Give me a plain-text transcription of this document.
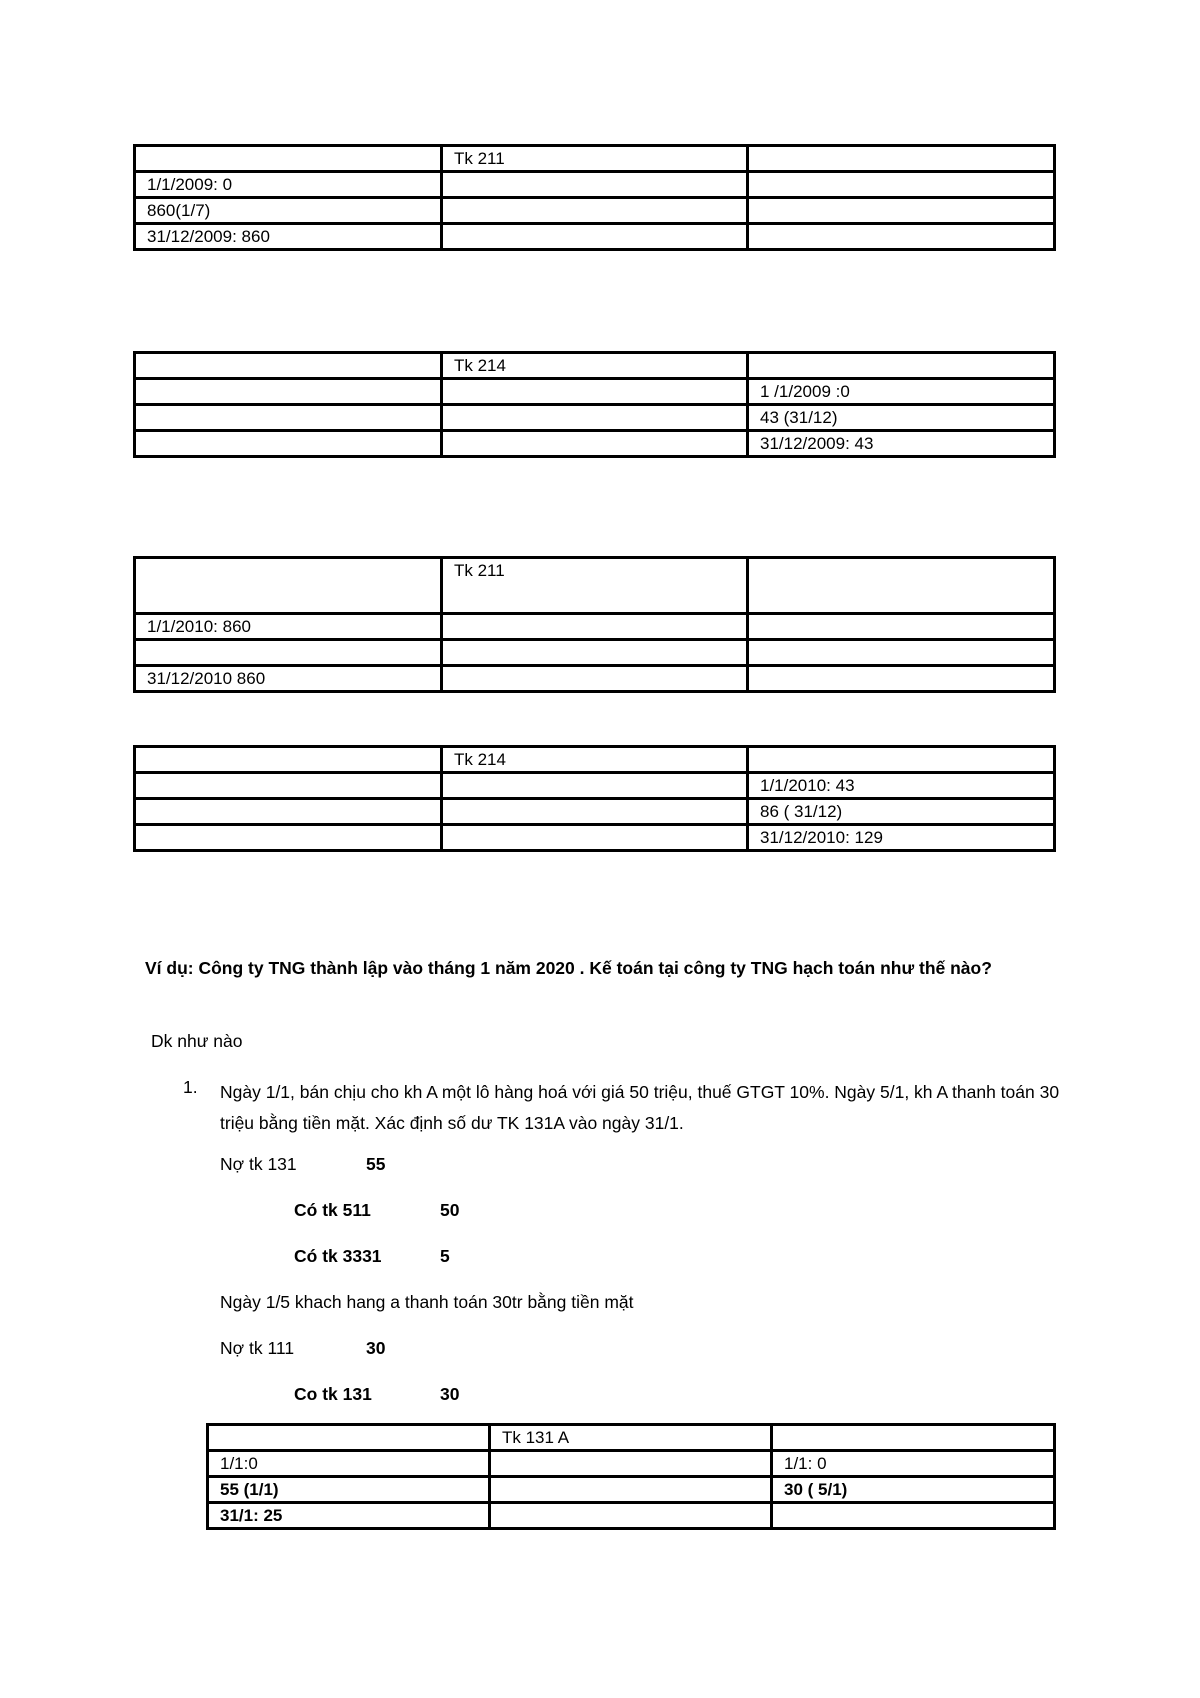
	Tk 211	
1/1/2009: 0		
860(1/7)		
31/12/2009: 860		
	Tk 214	
		1 /1/2009 :0
		43 (31/12)
		31/12/2009: 43
	Tk 211	
1/1/2010: 860		

31/12/2010 860		
	Tk 214	
		1/1/2010: 43
		86 ( 31/12)
		31/12/2010: 129
Ví dụ: Công ty TNG thành lập vào tháng 1 năm 2020 . Kế toán tại công ty TNG hạch toán như thế nào?
Dk như nào
1. Ngày 1/1, bán chịu cho kh A một lô hàng hoá với giá 50 triệu, thuế GTGT 10%. Ngày 5/1, kh A thanh toán 30 triệu bằng tiền mặt. Xác định số dư TK 131A vào ngày 31/1.
Nợ tk 131	55
Có tk 511	50
Có tk 3331	5
Ngày 1/5 khach hang a thanh toán 30tr bằng tiền mặt
Nợ tk 111	30
Co tk 131	30
	Tk 131 A	
1/1:0		1/1: 0
55 (1/1)		30 ( 5/1)
31/1: 25		
